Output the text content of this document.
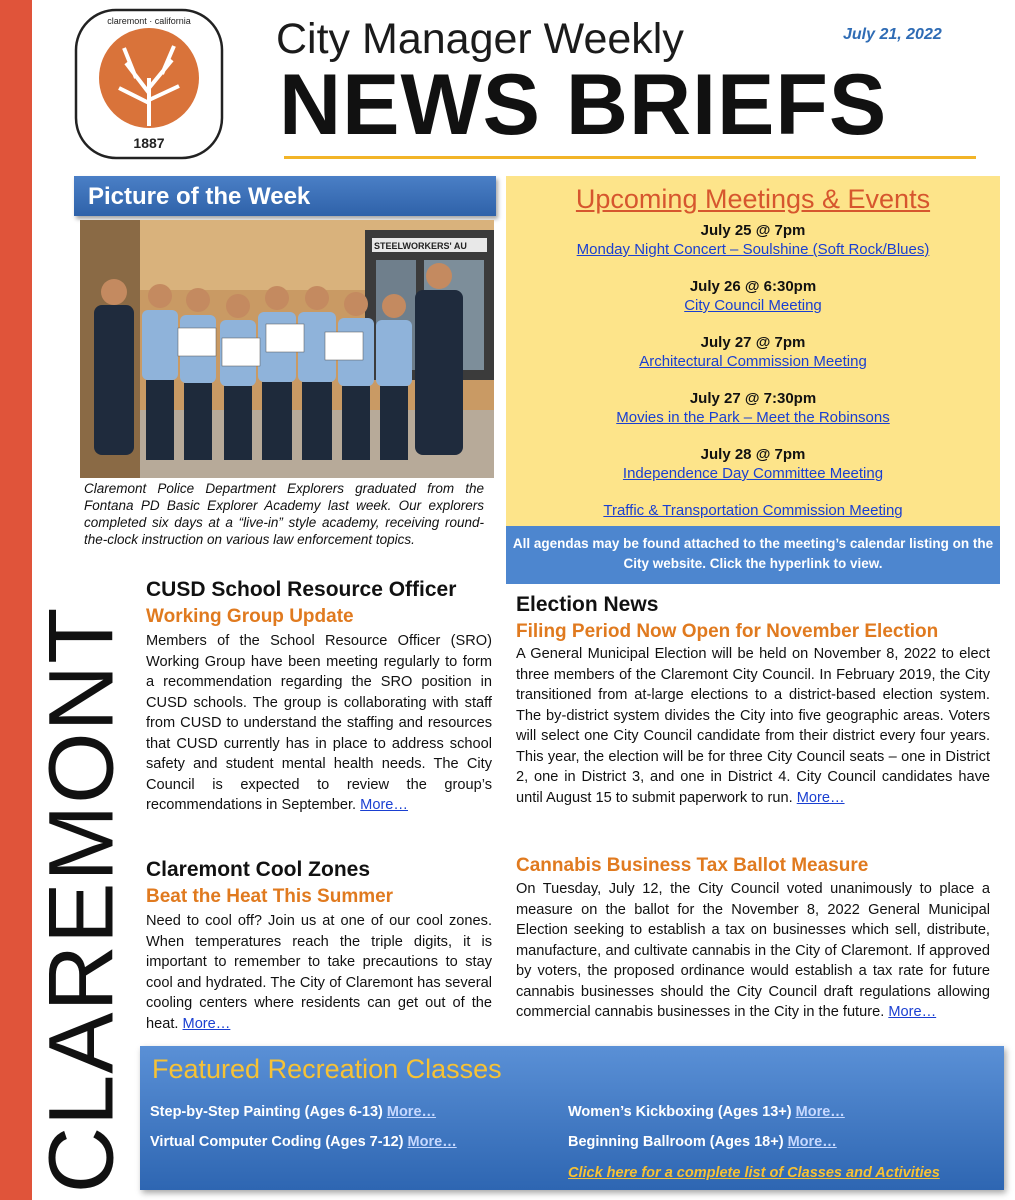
CLAREMONT
1887
claremont · california City Manager Weekly	July 21, 2022
NEWS BRIEFS
Picture of the Week
STEELWORKERS' AU
Claremont Police Department Explorers graduated from the Fontana PD Basic Explorer Academy last week. Our explorers completed six days at a “live-in” style academy, receiving round-the-clock instruction on various law enforcement topics.
Upcoming Meetings & Events
July 25 @ 7pm
Monday Night Concert – Soulshine (Soft Rock/Blues)
July 26 @ 6:30pm
City Council Meeting
July 27 @ 7pm
Architectural Commission Meeting
July 27 @ 7:30pm
Movies in the Park – Meet the Robinsons
July 28 @ 7pm
Independence Day Committee Meeting
Traffic & Transportation Commission Meeting
All agendas may be found attached to the meeting’s calendar listing on the City website. Click the hyperlink to view.
CUSD School Resource Officer
Working Group Update
Members of the School Resource Officer (SRO) Working Group have been meeting regularly to form a recommendation regarding the SRO position in CUSD schools. The group is collaborating with staff from CUSD to understand the staffing and resources that CUSD currently has in place to address school safety and student mental health needs. The City Council is expected to review the group’s recommendations in September. More…
Claremont Cool Zones
Beat the Heat This Summer
Need to cool off? Join us at one of our cool zones. When temperatures reach the triple digits, it is important to remember to take precautions to stay cool and hydrated. The City of Claremont has several cooling centers where residents can get out of the heat. More…
Election News
Filing Period Now Open for November Election
A General Municipal Election will be held on November 8, 2022 to elect three members of the Claremont City Council. In February 2019, the City transitioned from at-large elections to a district-based election system. The by-district system divides the City into five geographic areas. Voters will select one City Council candidate from their district every four years. This year, the election will be for three City Council seats – one in District 2, one in District 3, and one in District 4. City Council candidates have until August 15 to submit paperwork to run. More…
Cannabis Business Tax Ballot Measure
On Tuesday, July 12, the City Council voted unanimously to place a measure on the ballot for the November 8, 2022 General Municipal Election seeking to establish a tax on businesses which sell, distribute, manufacture, and cultivate cannabis in the City of Claremont. If approved by voters, the proposed ordinance would establish a tax rate for future cannabis businesses should the City Council draft regulations allowing commercial cannabis businesses in the City in the future. More…
Featured Recreation Classes
Step-by-Step Painting (Ages 6-13) More…
Virtual Computer Coding (Ages 7-12) More…
Women’s Kickboxing (Ages 13+) More…
Beginning Ballroom (Ages 18+) More…
Click here for a complete list of Classes and Activities
